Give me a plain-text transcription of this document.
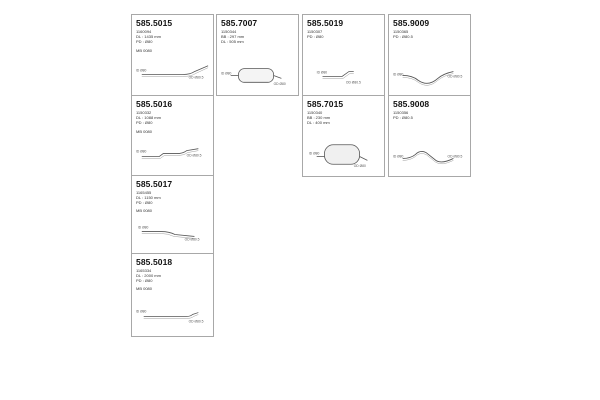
585.5015
1160094
DL : 1435 mm
PD : Ø80
MB 0080
ID Ø80
OD Ø80.5
585.7007
1150344
BB : 297 mm
DL : 505 mm
ID Ø80
OD Ø80
585.5019
1150307
PD : Ø80
ID Ø80
OD Ø80.5
585.9009
1150365
PD : Ø80.5
ID Ø80	OD Ø80.5
585.5016
1150332
DL : 1088 mm
PD : Ø80
MB 0080
ID Ø80
OD Ø80.5
585.7015
1150340
BB : 230 mm
DL : 400 mm
ID Ø80
OD Ø80
585.9008
1150356
PD : Ø80.5
ID Ø80	OD Ø80.5
585.5017
1165455
DL : 1150 mm
PD : Ø80
MB 0080
ID Ø80
OD Ø80.5
585.5018
1165334
DL : 2000 mm
PD : Ø80
MB 0080
ID Ø80
OD Ø80.5
